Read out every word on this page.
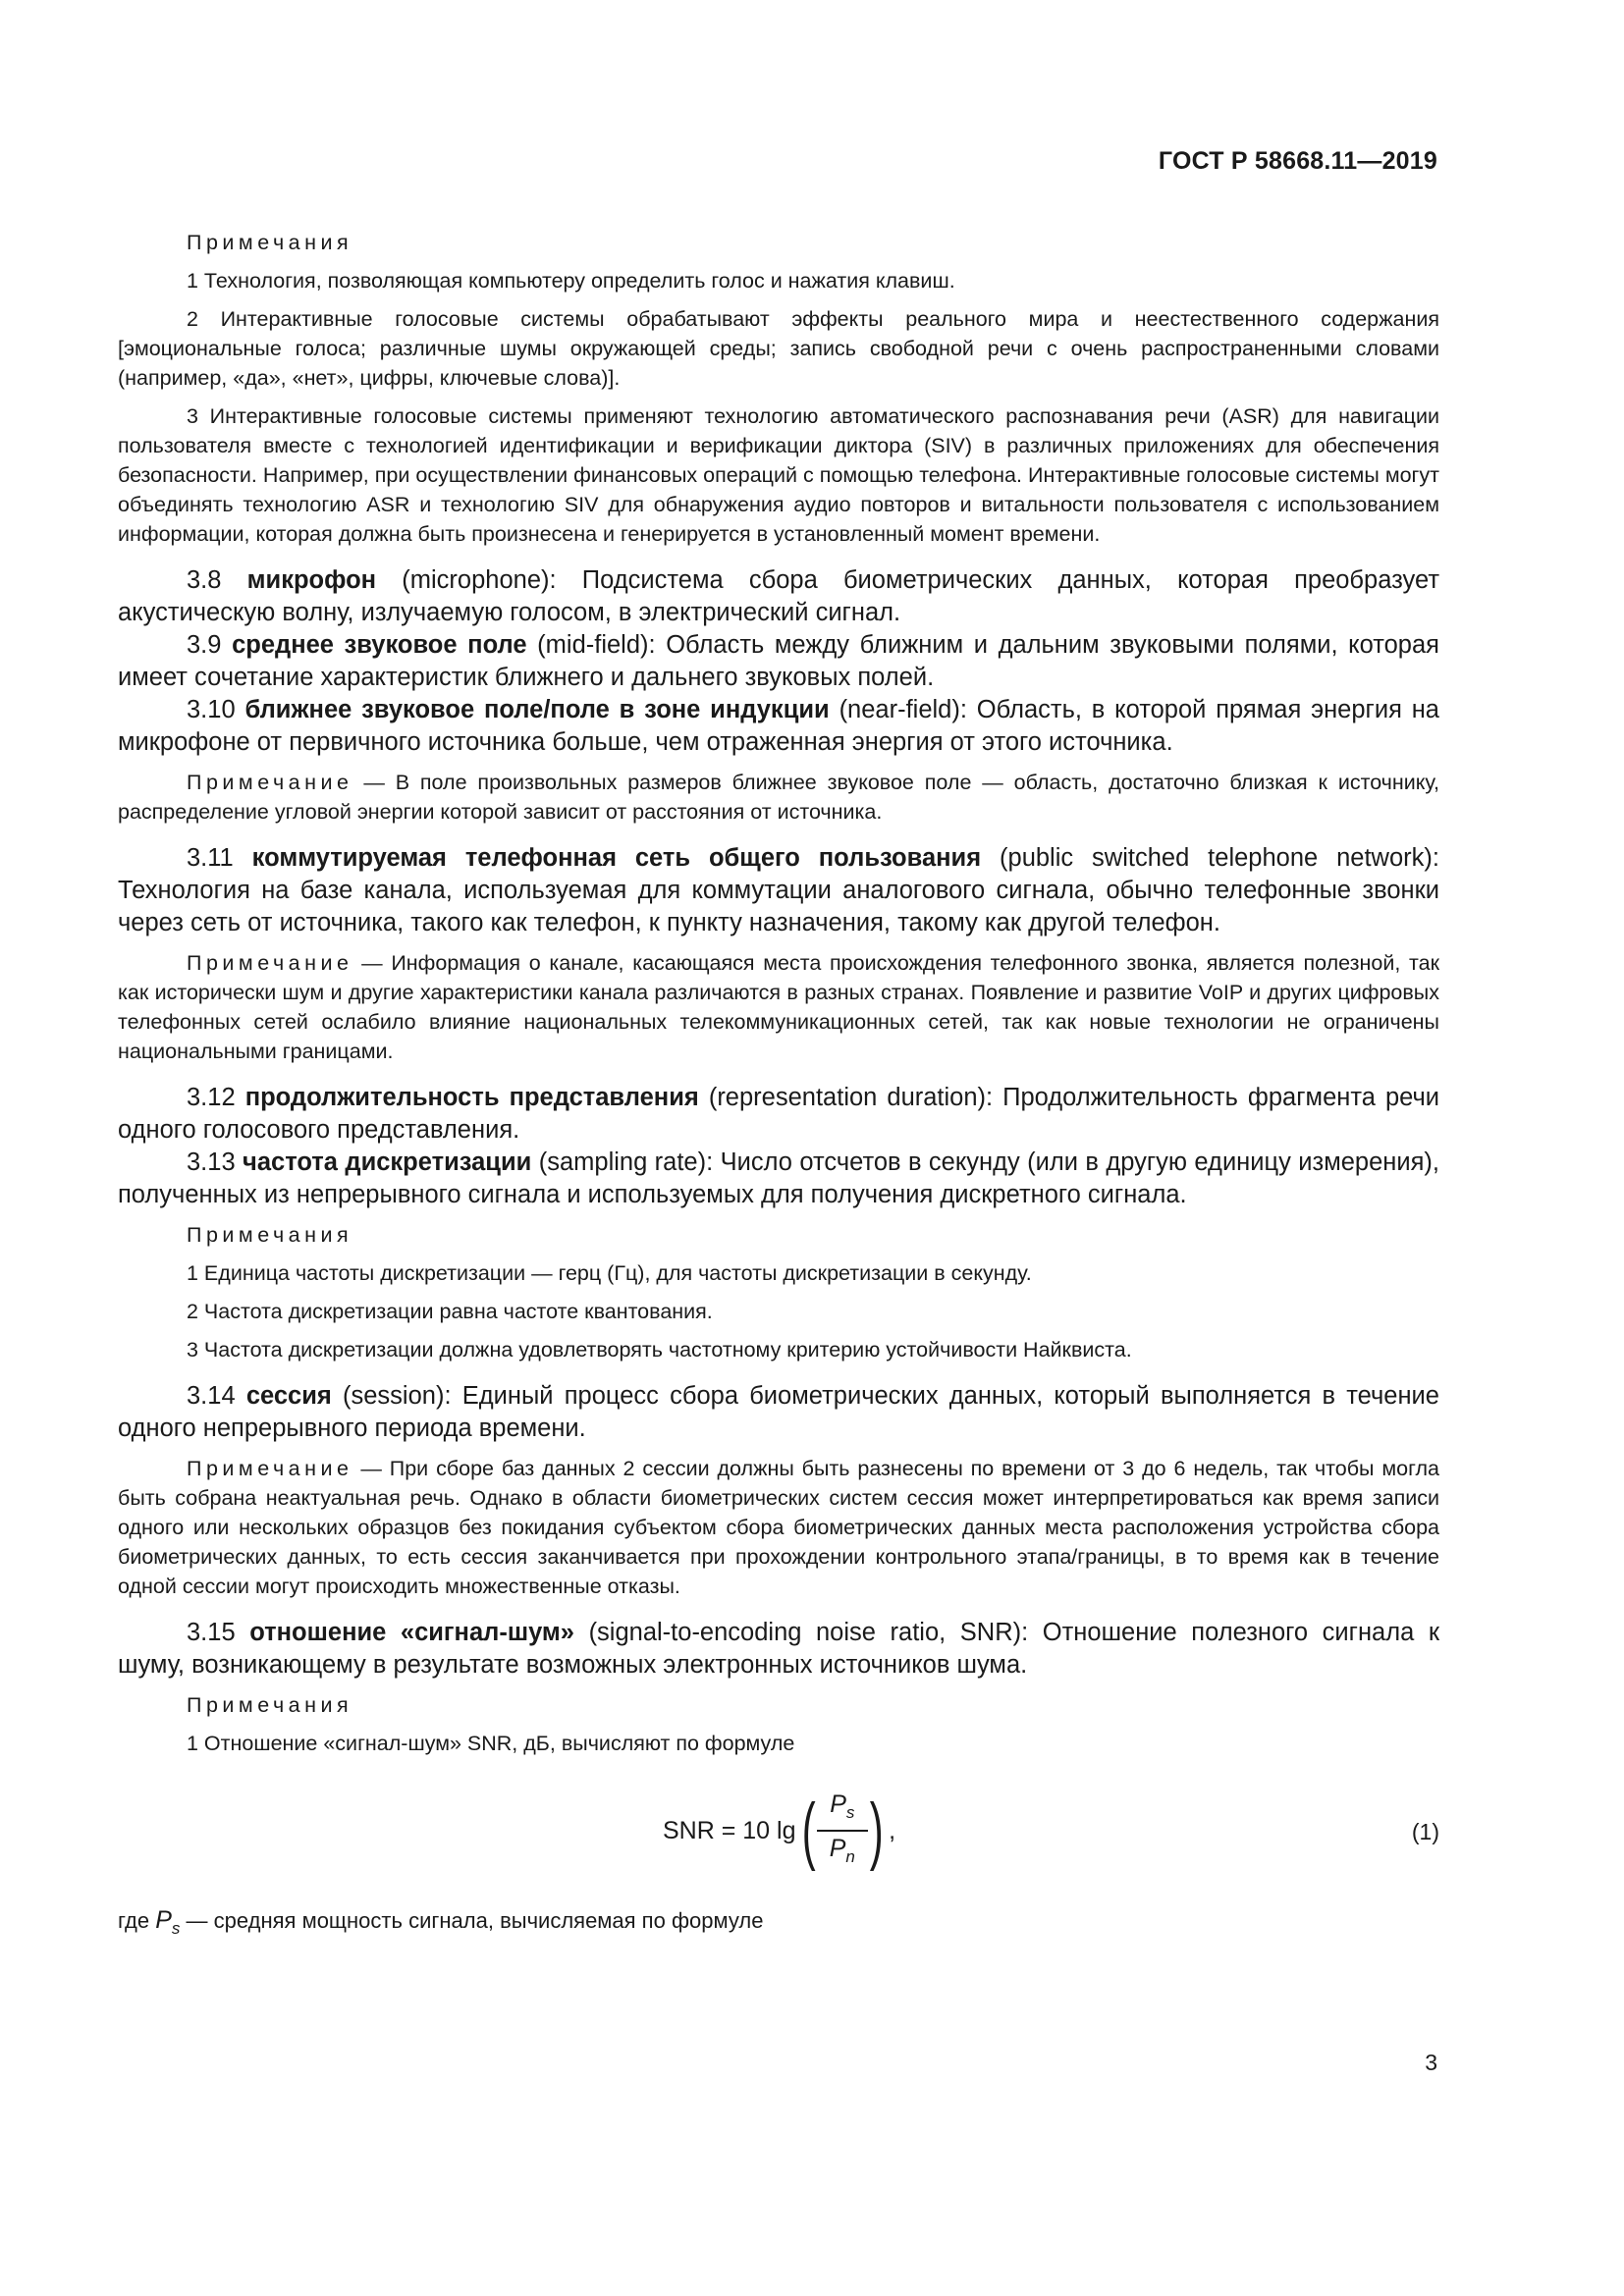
ГОСТ Р 58668.11—2019

Примечания

1 Технология, позволяющая компьютеру определить голос и нажатия клавиш.

2 Интерактивные голосовые системы обрабатывают эффекты реального мира и неестественного содержания [эмоциональные голоса; различные шумы окружающей среды; запись свободной речи с очень распространенными словами (например, «да», «нет», цифры, ключевые слова)].

3 Интерактивные голосовые системы применяют технологию автоматического распознавания речи (ASR) для навигации пользователя вместе с технологией идентификации и верификации диктора (SIV) в различных приложениях для обеспечения безопасности. Например, при осуществлении финансовых операций с помощью телефона. Интерактивные голосовые системы могут объединять технологию ASR и технологию SIV для обнаружения аудио повторов и витальности пользователя с использованием информации, которая должна быть произнесена и генерируется в установленный момент времени.

3.8 микрофон (microphone): Подсистема сбора биометрических данных, которая преобразует акустическую волну, излучаемую голосом, в электрический сигнал.

3.9 среднее звуковое поле (mid-field): Область между ближним и дальним звуковыми полями, которая имеет сочетание характеристик ближнего и дальнего звуковых полей.

3.10 ближнее звуковое поле/поле в зоне индукции (near-field): Область, в которой прямая энергия на микрофоне от первичного источника больше, чем отраженная энергия от этого источника.

Примечание — В поле произвольных размеров ближнее звуковое поле — область, достаточно близкая к источнику, распределение угловой энергии которой зависит от расстояния от источника.

3.11 коммутируемая телефонная сеть общего пользования (public switched telephone network): Технология на базе канала, используемая для коммутации аналогового сигнала, обычно телефонные звонки через сеть от источника, такого как телефон, к пункту назначения, такому как другой телефон.

Примечание — Информация о канале, касающаяся места происхождения телефонного звонка, является полезной, так как исторически шум и другие характеристики канала различаются в разных странах. Появление и развитие VoIP и других цифровых телефонных сетей ослабило влияние национальных телекоммуникационных сетей, так как новые технологии не ограничены национальными границами.

3.12 продолжительность представления (representation duration): Продолжительность фрагмента речи одного голосового представления.

3.13 частота дискретизации (sampling rate): Число отсчетов в секунду (или в другую единицу измерения), полученных из непрерывного сигнала и используемых для получения дискретного сигнала.

Примечания

1 Единица частоты дискретизации — герц (Гц), для частоты дискретизации в секунду.

2 Частота дискретизации равна частоте квантования.

3 Частота дискретизации должна удовлетворять частотному критерию устойчивости Найквиста.

3.14 сессия (session): Единый процесс сбора биометрических данных, который выполняется в течение одного непрерывного периода времени.

Примечание — При сборе баз данных 2 сессии должны быть разнесены по времени от 3 до 6 недель, так чтобы могла быть собрана неактуальная речь. Однако в области биометрических систем сессия может интерпретироваться как время записи одного или нескольких образцов без покидания субъектом сбора биометрических данных места расположения устройства сбора биометрических данных, то есть сессия заканчивается при прохождении контрольного этапа/границы, в то время как в течение одной сессии могут происходить множественные отказы.

3.15 отношение «сигнал-шум» (signal-to-encoding noise ratio, SNR): Отношение полезного сигнала к шуму, возникающему в результате возможных электронных источников шума.

Примечания

1 Отношение «сигнал-шум» SNR, дБ, вычисляют по формуле

SNR = 10 lg ( $\frac{P_s}{P_n}$ ) ,	(1)

где $P_s$ — средняя мощность сигнала, вычисляемая по формуле

3
